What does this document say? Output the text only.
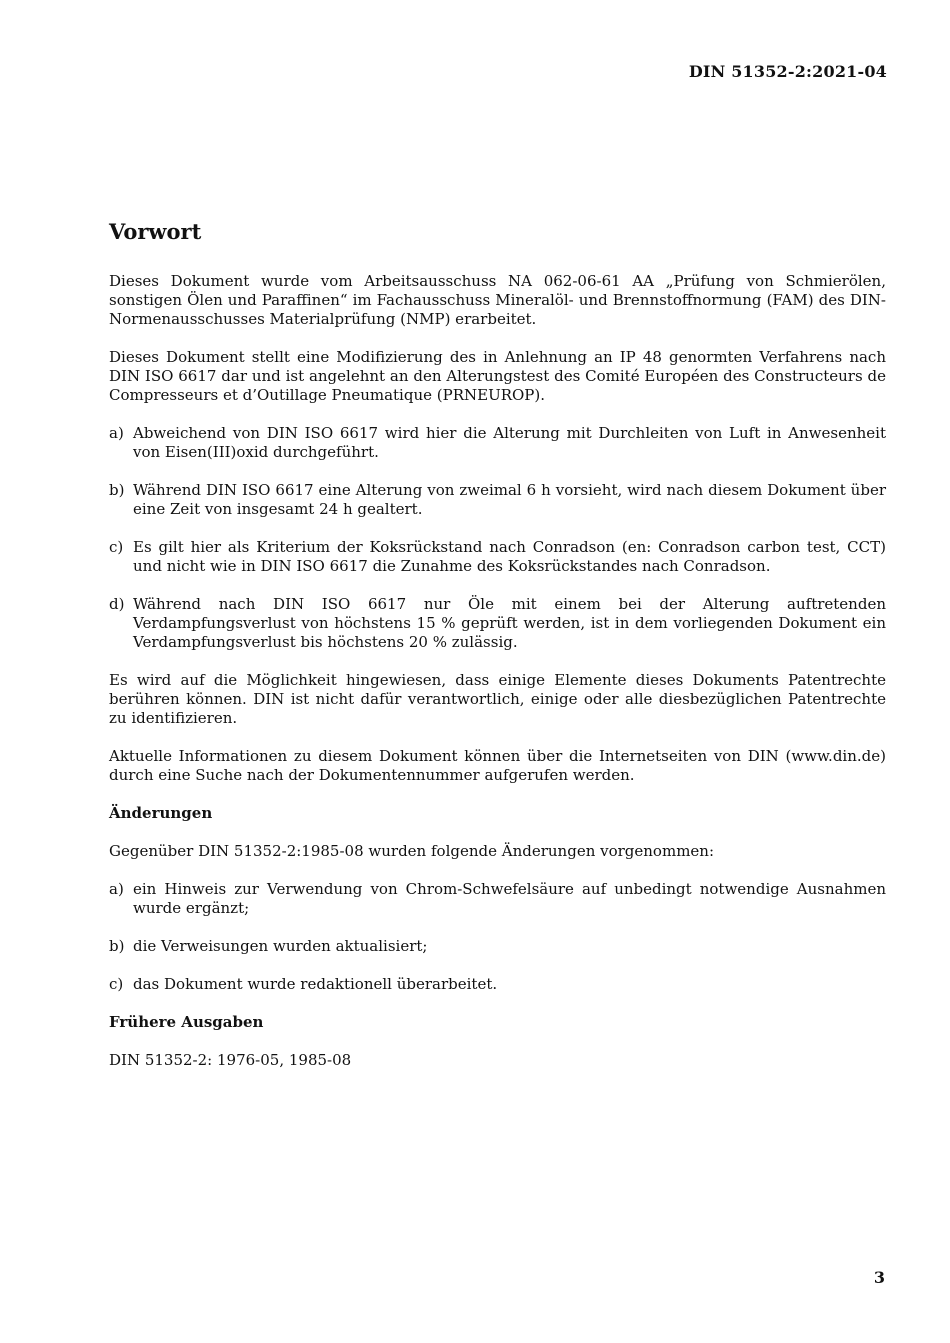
DIN 51352-2:2021-04
Vorwort

Dieses Dokument wurde vom Arbeitsausschuss NA 062-06-61 AA „Prüfung von Schmierölen, sonstigen Ölen und Paraffinen“ im Fachausschuss Mineralöl- und Brennstoffnormung (FAM) des DIN-Normenausschusses Materialprüfung (NMP) erarbeitet.

Dieses Dokument stellt eine Modifizierung des in Anlehnung an IP 48 genormten Verfahrens nach DIN ISO 6617 dar und ist angelehnt an den Alterungstest des Comité Européen des Constructeurs de Compresseurs et d’Outillage Pneumatique (PRNEUROP).

a) Abweichend von DIN ISO 6617 wird hier die Alterung mit Durchleiten von Luft in Anwesenheit von Eisen(III)oxid durchgeführt.
b) Während DIN ISO 6617 eine Alterung von zweimal 6 h vorsieht, wird nach diesem Dokument über eine Zeit von insgesamt 24 h gealtert.
c) Es gilt hier als Kriterium der Koksrückstand nach Conradson (en: Conradson carbon test, CCT) und nicht wie in DIN ISO 6617 die Zunahme des Koksrückstandes nach Conradson.
d) Während nach DIN ISO 6617 nur Öle mit einem bei der Alterung auftretenden Verdampfungsverlust von höchstens 15 % geprüft werden, ist in dem vorliegenden Dokument ein Verdampfungsverlust bis höchstens 20 % zulässig.

Es wird auf die Möglichkeit hingewiesen, dass einige Elemente dieses Dokuments Patentrechte berühren können. DIN ist nicht dafür verantwortlich, einige oder alle diesbezüglichen Patentrechte zu identifizieren.

Aktuelle Informationen zu diesem Dokument können über die Internetseiten von DIN (www.din.de) durch eine Suche nach der Dokumentennummer aufgerufen werden.

Änderungen

Gegenüber DIN 51352-2:1985-08 wurden folgende Änderungen vorgenommen:

a) ein Hinweis zur Verwendung von Chrom-Schwefelsäure auf unbedingt notwendige Ausnahmen wurde ergänzt;
b) die Verweisungen wurden aktualisiert;
c) das Dokument wurde redaktionell überarbeitet.
Frühere Ausgaben

DIN 51352-2: 1976-05, 1985-08

3
